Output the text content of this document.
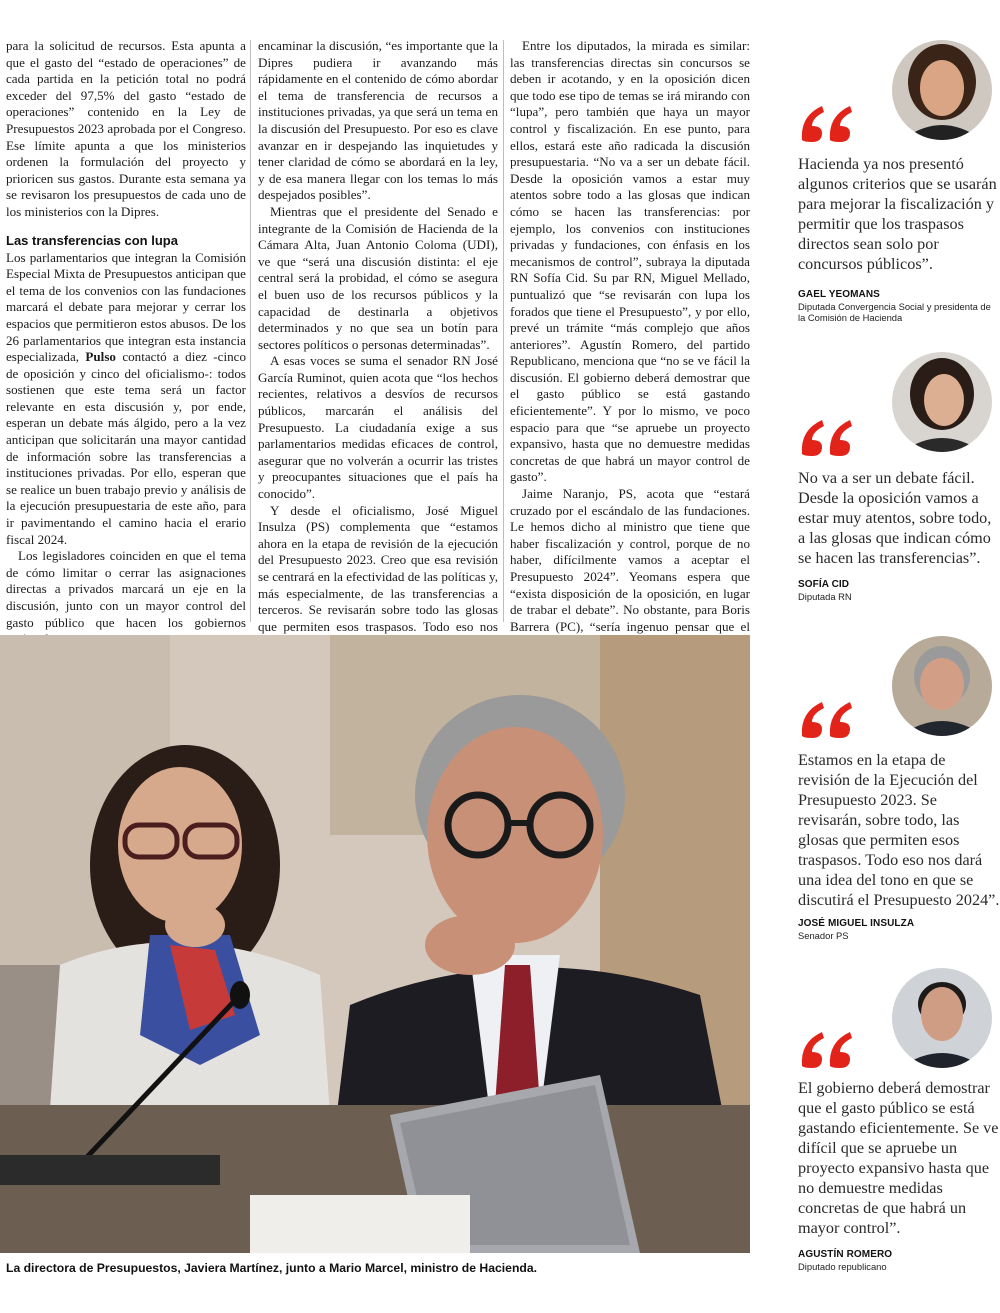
para la solicitud de recursos. Esta apunta a que el gasto del “estado de operaciones” de cada partida en la petición total no podrá exceder del 97,5% del gasto “estado de operaciones” contenido en la Ley de Presupuestos 2023 aprobada por el Congreso. Ese límite apunta a que los ministerios ordenen la formulación del proyecto y prioricen sus gastos. Durante esta semana ya se revisaron los presupuestos de cada uno de los ministerios con la Dipres.

Las transferencias con lupa

Los parlamentarios que integran la Comisión Especial Mixta de Presupuestos anticipan que el tema de los convenios con las fundaciones marcará el debate para mejorar y cerrar los espacios que permitieron estos abusos. De los 26 parlamentarios que integran esta instancia especializada, Pulso contactó a diez -cinco de oposición y cinco del oficialismo-: todos sostienen que este tema será un factor relevante en esta discusión y, por ende, esperan un debate más álgido, pero a la vez anticipan que solicitarán una mayor cantidad de información sobre las transferencias a instituciones privadas. Por ello, esperan que se realice un buen trabajo previo y análisis de la ejecución presupuestaria de este año, para ir pavimentando el camino hacia el erario fiscal 2024.

Los legisladores coinciden en que el tema de cómo limitar o cerrar las asignaciones directas a privados marcará un eje en la discusión, junto con un mayor control del gasto público que hacen los gobiernos

encaminar la discusión, “es importante que la Dipres pudiera ir avanzando más rápidamente en el contenido de cómo abordar el tema de transferencia de recursos a instituciones privadas, ya que será un tema en la discusión del Presupuesto. Por eso es clave avanzar en ir despejando las inquietudes y tener claridad de cómo se abordará en la ley, y de esa manera llegar con los temas lo más despejados posibles”.

Mientras que el presidente del Senado e integrante de la Comisión de Hacienda de la Cámara Alta, Juan Antonio Coloma (UDI), ve que “será una discusión distinta: el eje central será la probidad, el cómo se asegura el buen uso de los recursos públicos y la capacidad de destinarla a objetivos determinados y no que sea un botín para sectores políticos o personas determinadas”.

A esas voces se suma el senador RN José García Ruminot, quien acota que “los hechos recientes, relativos a desvíos de recursos públicos, marcarán el análisis del Presupuesto. La ciudadanía exige a sus parlamentarios medidas eficaces de control, asegurar que no volverán a ocurrir las tristes y preocupantes situaciones que el país ha conocido”.

Y desde el oficialismo, José Miguel Insulza (PS) complementa que “estamos ahora en la etapa de revisión de la ejecución del Presupuesto 2023. Creo que esa revisión se centrará en la efectividad de las políticas y, más especialmente, de las transferencias a terceros. Se revisarán sobre todo las glosas que permiten esos traspasos. Todo eso nos

Entre los diputados, la mirada es similar: las transferencias directas sin concursos se deben ir acotando, y en la oposición dicen que todo ese tipo de temas se irá mirando con “lupa”, pero también que haya un mayor control y fiscalización. En ese punto, para ellos, estará este año radicada la discusión presupuestaria. “No va a ser un debate fácil. Desde la oposición vamos a estar muy atentos sobre todo a las glosas que indican cómo se hacen las transferencias: por ejemplo, los convenios con instituciones privadas y fundaciones, con énfasis en los mecanismos de control”, subraya la diputada RN Sofía Cid. Su par RN, Miguel Mellado, puntualizó que “se revisarán con lupa los forados que tiene el Presupuesto”, y por ello, prevé un trámite “más complejo que años anteriores”. Agustín Romero, del partido Republicano, menciona que “no se ve fácil la discusión. El gobierno deberá demostrar que el gasto público se está gastando eficientemente”. Y por lo mismo, ve poco espacio para que “se apruebe un proyecto expansivo, hasta que no demuestre medidas concretas de que habrá un mayor control de gasto”.

Jaime Naranjo, PS, acota que “estará cruzado por el escándalo de las fundaciones. Le hemos dicho al ministro que tiene que haber fiscalización y control, porque de no haber, difícilmente vamos a aceptar el Presupuesto 2024”. Yeomans espera que “exista disposición de la oposición, en lugar de trabar el debate”. No obstante, para Boris Barrera (PC), “sería ingenuo pensar que el

La directora de Presupuestos, Javiera Martínez, junto a Mario Marcel, ministro de Hacienda.
Hacienda ya nos presentó algunos criterios que se usarán para mejorar la fiscalización y permitir que los traspasos directos sean solo por concursos públicos”.
GAEL YEOMANS
Diputada Convergencia Social y presidenta de la Comisión de Hacienda
No va a ser un debate fácil. Desde la oposición vamos a estar muy atentos, sobre todo, a las glosas que indican cómo se hacen las transferencias”.
SOFÍA CID
Diputada RN
Estamos en la etapa de revisión de la Ejecución del Presupuesto 2023. Se revisarán, sobre todo, las glosas que permiten esos traspasos. Todo eso nos dará una idea del tono en que se discutirá el Presupuesto 2024”.
JOSÉ MIGUEL INSULZA
Senador PS
El gobierno deberá demostrar que el gasto público se está gastando eficientemente. Se ve difícil que se apruebe un proyecto expansivo hasta que no demuestre medidas concretas de que habrá un mayor control”.
AGUSTÍN ROMERO
Diputado republicano
